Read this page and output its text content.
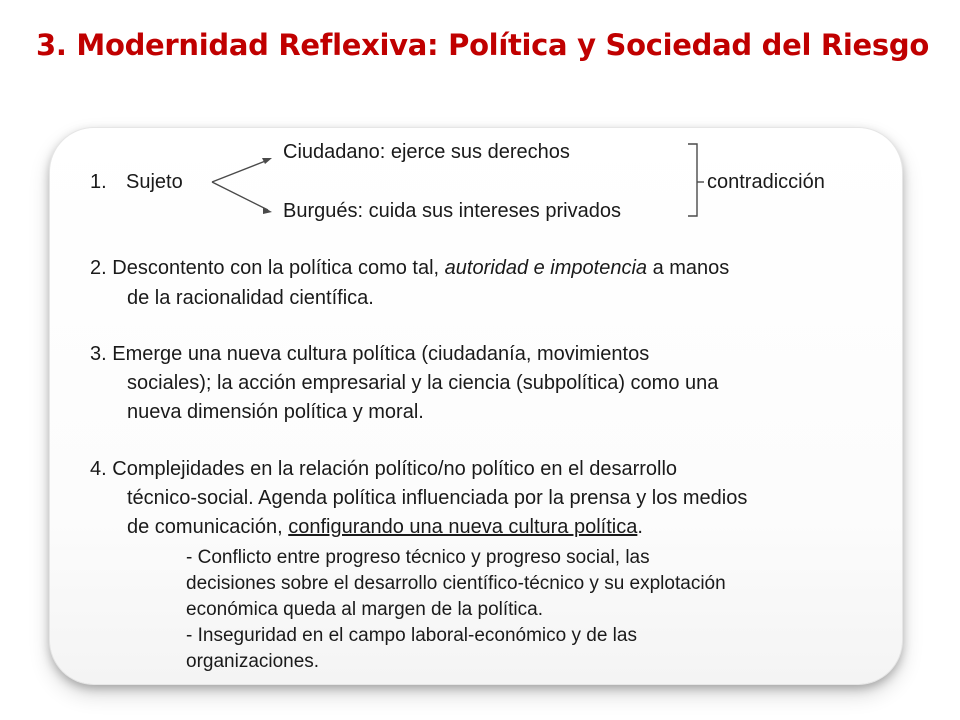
3. Modernidad Reflexiva: Política y Sociedad del Riesgo
Ciudadano: ejerce sus derechos
1. Sujeto	contradicción
Burgués: cuida sus intereses privados
2. Descontento con la política como tal, autoridad e impotencia a manos
de la racionalidad científica.
3. Emerge una nueva cultura política (ciudadanía, movimientos
sociales); la acción empresarial y la ciencia (subpolítica) como una
nueva dimensión política y moral.
4. Complejidades en la relación político/no político en el desarrollo
técnico-social. Agenda política influenciada por la prensa y los medios
de comunicación, configurando una nueva cultura política.
- Conflicto entre progreso técnico y progreso social, las
decisiones sobre el desarrollo científico-técnico y su explotación
económica queda al margen de la política.
- Inseguridad en el campo laboral-económico y de las
organizaciones.
